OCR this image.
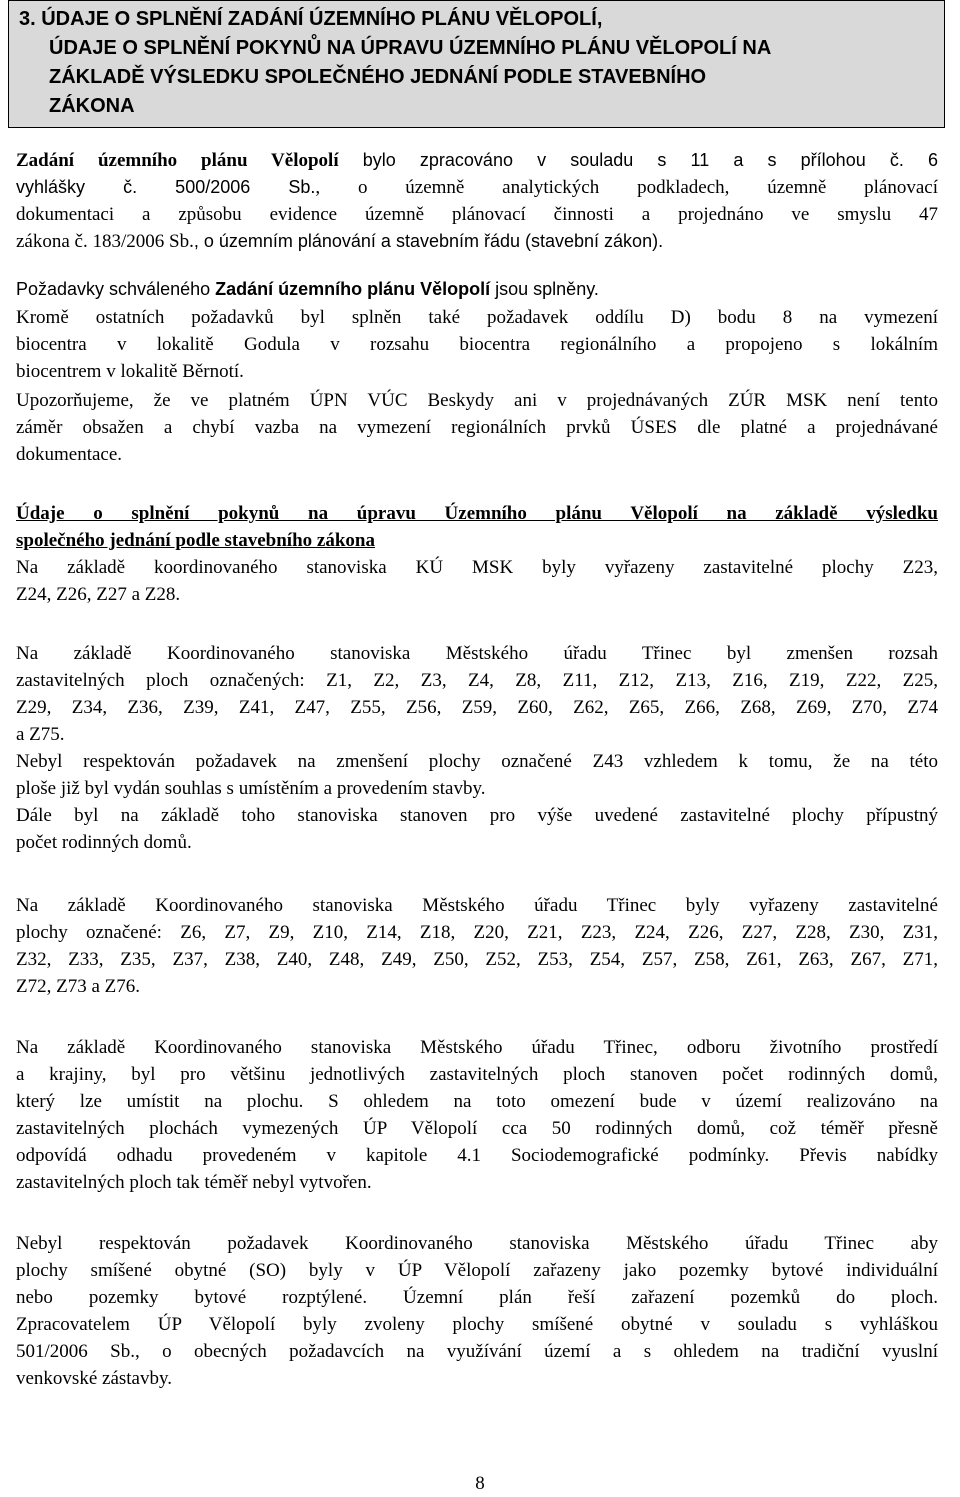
3. ÚDAJE O SPLNĚNÍ ZADÁNÍ ÚZEMNÍHO PLÁNU VĚLOPOLÍ,
ÚDAJE O SPLNĚNÍ POKYNŮ NA ÚPRAVU ÚZEMNÍHO PLÁNU VĚLOPOLÍ NA
ZÁKLADĚ VÝSLEDKU SPOLEČNÉHO JEDNÁNÍ PODLE STAVEBNÍHO
ZÁKONA
Zadání územního plánu Vělopolí bylo zpracováno v souladu s 11 a s přílohou č. 6
vyhlášky č. 500/2006 Sb., o územně analytických podkladech, územně plánovací
dokumentaci a způsobu evidence územně plánovací činnosti a projednáno ve smyslu 47
zákona č. 183/2006 Sb., o územním plánování a stavebním řádu (stavební zákon).
Požadavky schváleného Zadání územního plánu Vělopolí jsou splněny.
Kromě ostatních požadavků byl splněn také požadavek oddílu D) bodu 8 na vymezení
biocentra v lokalitě Godula v rozsahu biocentra regionálního a propojeno s lokálním
biocentrem v lokalitě Běrnotí.
Upozorňujeme, že ve platném ÚPN VÚC Beskydy ani v projednávaných ZÚR MSK není tento
záměr obsažen a chybí vazba na vymezení regionálních prvků ÚSES dle platné a projednávané
dokumentace.
Údaje o splnění pokynů na úpravu Územního plánu Vělopolí na základě výsledku
společného jednání podle stavebního zákona
Na základě koordinovaného stanoviska KÚ MSK byly vyřazeny zastavitelné plochy Z23,
Z24, Z26, Z27 a Z28.
Na základě Koordinovaného stanoviska Městského úřadu Třinec byl zmenšen rozsah
zastavitelných ploch označených: Z1, Z2, Z3, Z4, Z8, Z11, Z12, Z13, Z16, Z19, Z22, Z25,
Z29, Z34, Z36, Z39, Z41, Z47, Z55, Z56, Z59, Z60, Z62, Z65, Z66, Z68, Z69, Z70, Z74
a Z75.
Nebyl respektován požadavek na zmenšení plochy označené Z43 vzhledem k tomu, že na této
ploše již byl vydán souhlas s umístěním a provedením stavby.
Dále byl na základě toho stanoviska stanoven pro výše uvedené zastavitelné plochy přípustný
počet rodinných domů.
Na základě Koordinovaného stanoviska Městského úřadu Třinec byly vyřazeny zastavitelné
plochy označené: Z6, Z7, Z9, Z10, Z14, Z18, Z20, Z21, Z23, Z24, Z26, Z27, Z28, Z30, Z31,
Z32, Z33, Z35, Z37, Z38, Z40, Z48, Z49, Z50, Z52, Z53, Z54, Z57, Z58, Z61, Z63, Z67, Z71,
Z72, Z73 a Z76.
Na základě Koordinovaného stanoviska Městského úřadu Třinec, odboru životního prostředí
a krajiny, byl pro většinu jednotlivých zastavitelných ploch stanoven počet rodinných domů,
který lze umístit na plochu. S ohledem na toto omezení bude v území realizováno na
zastavitelných plochách vymezených ÚP Vělopolí cca 50 rodinných domů, což téměř přesně
odpovídá odhadu provedeném v kapitole 4.1 Sociodemografické podmínky. Převis nabídky
zastavitelných ploch tak téměř nebyl vytvořen.
Nebyl respektován požadavek Koordinovaného stanoviska Městského úřadu Třinec aby
plochy smíšené obytné (SO) byly v ÚP Vělopolí zařazeny jako pozemky bytové individuální
nebo pozemky bytové rozptýlené. Územní plán řeší zařazení pozemků do ploch.
Zpracovatelem ÚP Vělopolí byly zvoleny plochy smíšené obytné v souladu s vyhláškou
501/2006 Sb., o obecných požadavcích na využívání území a s ohledem na tradiční vyuslní
venkovské zástavby.
8
